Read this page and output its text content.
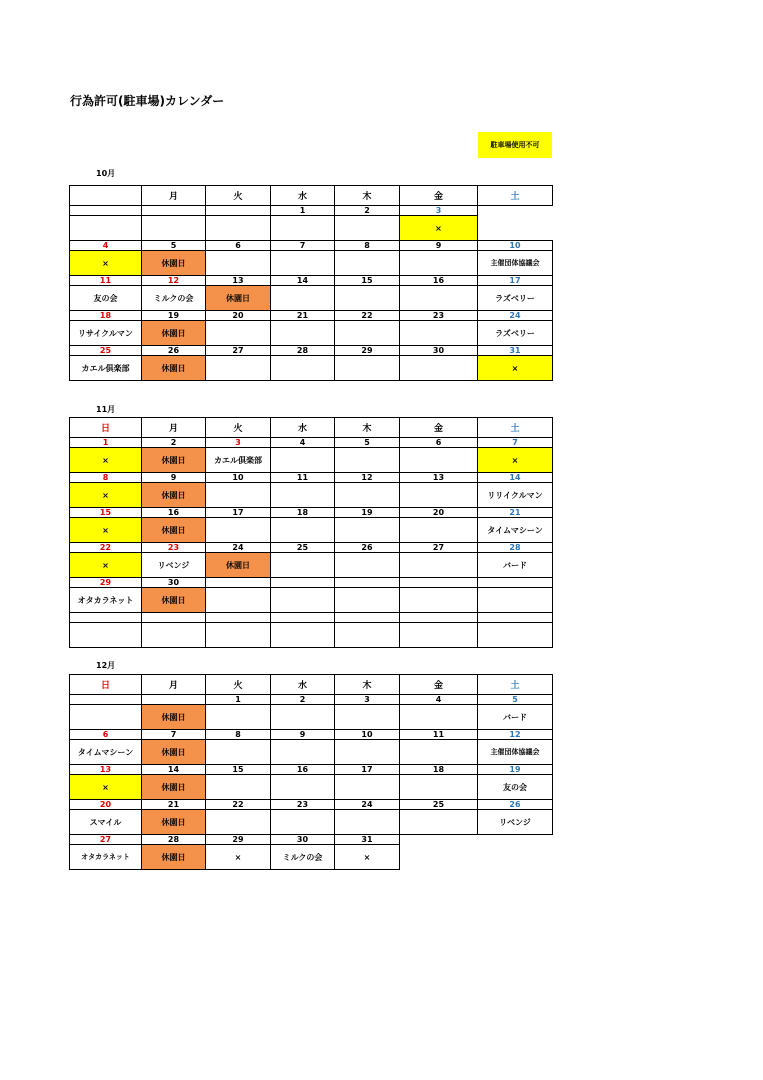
行為許可(駐車場)カレンダー
駐車場使用不可
10月
	月	火	水	木	金	土
			1	2	3	
					×	
4	5	6	7	8	9	10
×	休園日					主催団体協議会
11	12	13	14	15	16	17
友の会	ミルクの会	休園日				ラズベリー
18	19	20	21	22	23	24
リサイクルマン	休園日					ラズベリー
25	26	27	28	29	30	31
カエル倶楽部	休園日					×
11月
日	月	火	水	木	金	土
1	2	3	4	5	6	7
×	休園日	カエル倶楽部				×
8	9	10	11	12	13	14
×	休園日					リリイクルマン
15	16	17	18	19	20	21
×	休園日					タイムマシーン
22	23	24	25	26	27	28
×	リベンジ	休園日				バード
29	30					
オタカラネット	休園日					

12月
日	月	火	水	木	金	土
		1	2	3	4	5
	休園日					バード
6	7	8	9	10	11	12
タイムマシーン	休園日					主催団体協議会
13	14	15	16	17	18	19
×	休園日					友の会
20	21	22	23	24	25	26
スマイル	休園日					リベンジ
27	28	29	30	31		
オタカラネット	休園日	×	ミルクの会	×		
